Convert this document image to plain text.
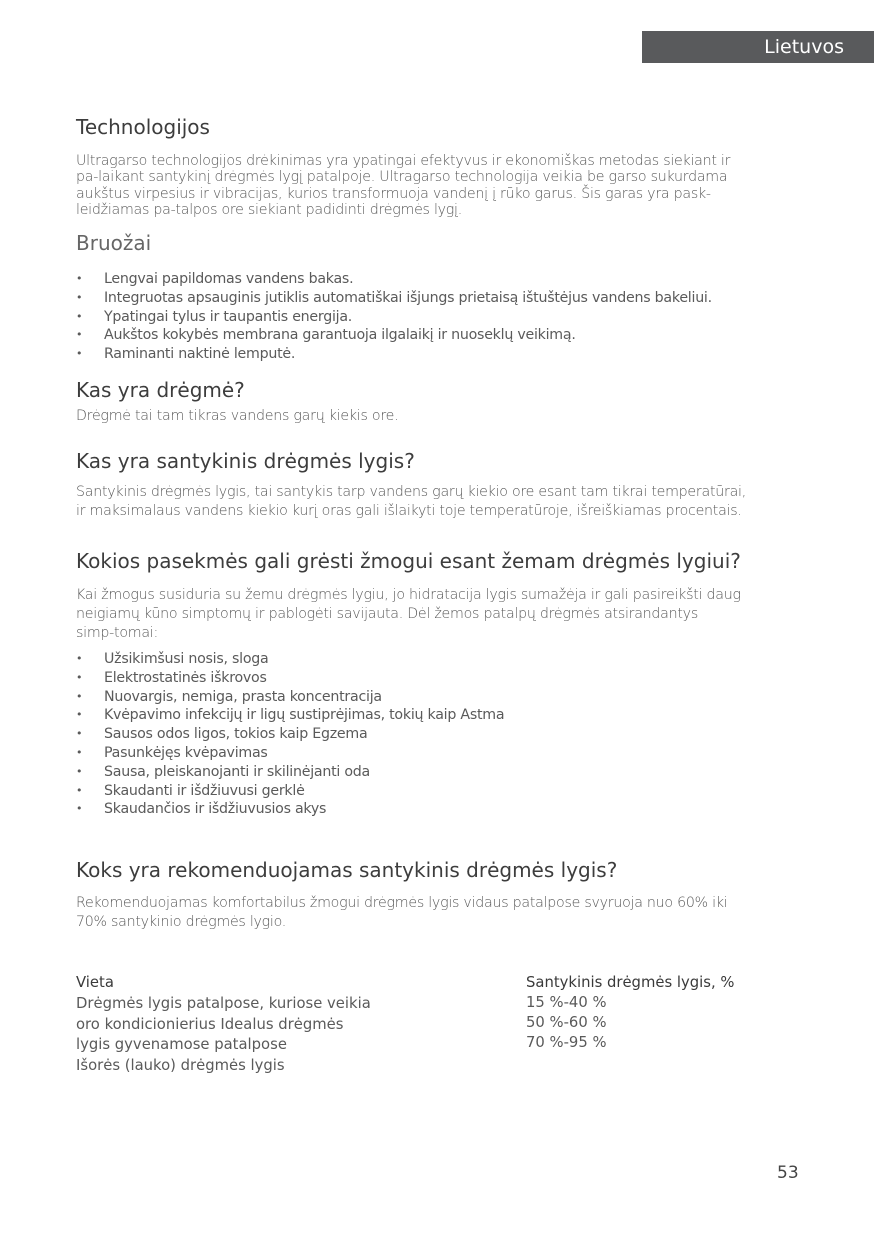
Lietuvos
Technologijos
Ultragarso technologijos drėkinimas yra ypatingai efektyvus ir ekonomiškas metodas siekiant ir
pa-laikant santykinį drėgmės lygį patalpoje. Ultragarso technologija veikia be garso sukurdama
aukštus virpesius ir vibracijas, kurios transformuoja vandenį į rūko garus. Šis garas yra pask-
leidžiamas pa-talpos ore siekiant padidinti drėgmės lygį.
Bruožai
• Lengvai papildomas vandens bakas.
• Integruotas apsauginis jutiklis automatiškai išjungs prietaisą ištuštėjus vandens bakeliui.
• Ypatingai tylus ir taupantis energija.
• Aukštos kokybės membrana garantuoja ilgalaikį ir nuoseklų veikimą.
• Raminanti naktinė lemputė.
Kas yra drėgmė?
Drėgmė tai tam tikras vandens garų kiekis ore.
Kas yra santykinis drėgmės lygis?
Santykinis drėgmės lygis, tai santykis tarp vandens garų kiekio ore esant tam tikrai temperatūrai,
ir maksimalaus vandens kiekio kurį oras gali išlaikyti toje temperatūroje, išreiškiamas procentais.
Kokios pasekmės gali grėsti žmogui esant žemam drėgmės lygiui?
Kai žmogus susiduria su žemu drėgmės lygiu, jo hidratacija lygis sumažėja ir gali pasireikšti daug
neigiamų kūno simptomų ir pablogėti savijauta. Dėl žemos patalpų drėgmės atsirandantys
simp-tomai:
• Užsikimšusi nosis, sloga
• Elektrostatinės iškrovos
• Nuovargis, nemiga, prasta koncentracija
• Kvėpavimo infekcijų ir ligų sustiprėjimas, tokių kaip Astma
• Sausos odos ligos, tokios kaip Egzema
• Pasunkėjęs kvėpavimas
• Sausa, pleiskanojanti ir skilinėjanti oda
• Skaudanti ir išdžiuvusi gerklė
• Skaudančios ir išdžiuvusios akys
Koks yra rekomenduojamas santykinis drėgmės lygis?
Rekomenduojamas komfortabilus žmogui drėgmės lygis vidaus patalpose svyruoja nuo 60% iki
70% santykinio drėgmės lygio.
Vieta
Drėgmės lygis patalpose, kuriose veikia
oro kondicionierius Idealus drėgmės
lygis gyvenamose patalpose
Išorės (lauko) drėgmės lygis
Santykinis drėgmės lygis, %
15 %-40 %
50 %-60 %
70 %-95 %
53
